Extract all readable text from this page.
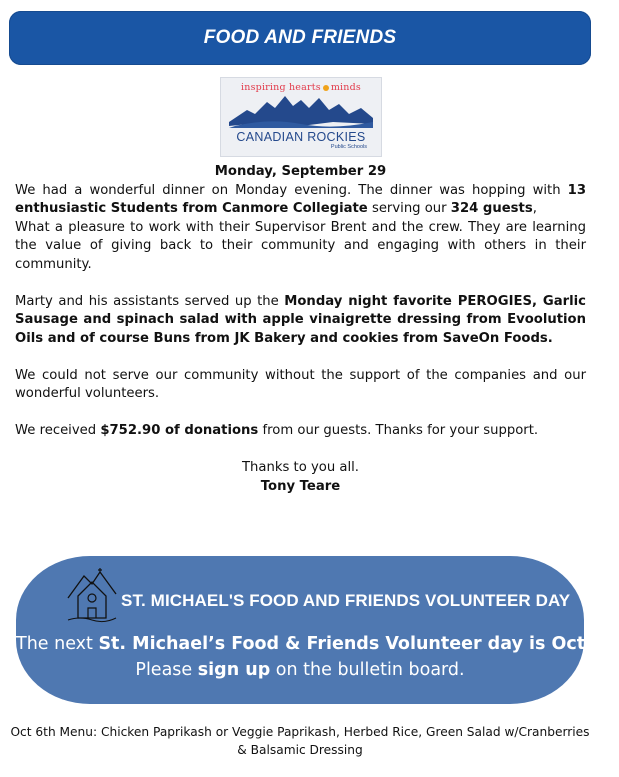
FOOD AND FRIENDS
inspiring hearts minds
CANADIAN ROCKIES
Public Schools
Monday, September 29
We had a wonderful dinner on Monday evening. The dinner was hopping with 13 enthusiastic Students from Canmore Collegiate serving our 324 guests,
What a pleasure to work with their Supervisor Brent and the crew. They are learning the value of giving back to their community and engaging with others in their community.
Marty and his assistants served up the Monday night favorite PEROGIES, Garlic Sausage and spinach salad with apple vinaigrette dressing from Evoolution Oils and of course Buns from JK Bakery and cookies from SaveOn Foods.
We could not serve our community without the support of the companies and our wonderful volunteers.
We received $752.90 of donations from our guests. Thanks for your support.
Thanks to you all.
Tony Teare
ST. MICHAEL'S FOOD AND FRIENDS VOLUNTEER DAY
The next St. Michael’s Food & Friends Volunteer day is Oct 6th.
Please sign up on the bulletin board.
Oct 6th Menu: Chicken Paprikash or Veggie Paprikash, Herbed Rice, Green Salad w/Cranberries & Balsamic Dressing
